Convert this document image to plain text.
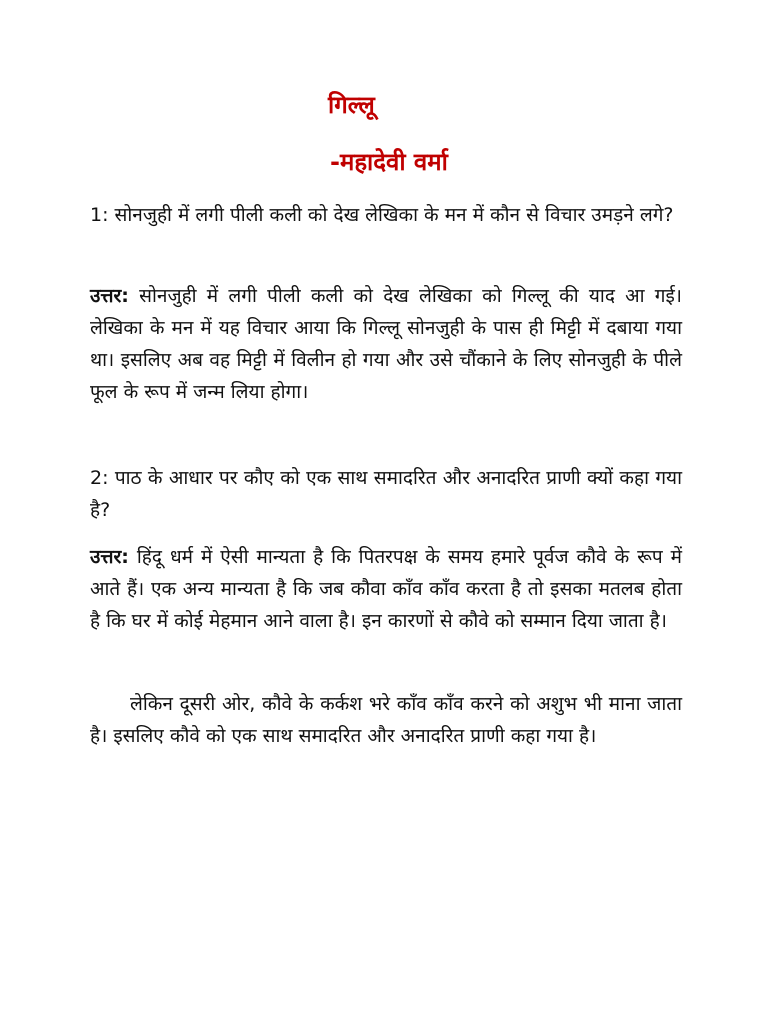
गिल्लू
-महादेवी वर्मा

1: सोनजुही में लगी पीली कली को देख लेखिका के मन में कौन से विचार उमड़ने लगे?

उत्तर: सोनजुही में लगी पीली कली को देख लेखिका को गिल्लू की याद आ गई। लेखिका के मन में यह विचार आया कि गिल्लू सोनजुही के पास ही मिट्टी में दबाया गया था। इसलिए अब वह मिट्टी में विलीन हो गया और उसे चौंकाने के लिए सोनजुही के पीले फूल के रूप में जन्म लिया होगा।

2: पाठ के आधार पर कौए को एक साथ समादरित और अनादरित प्राणी क्यों कहा गया है?

उत्तर: हिंदू धर्म में ऐसी मान्यता है कि पितरपक्ष के समय हमारे पूर्वज कौवे के रूप में आते हैं। एक अन्य मान्यता है कि जब कौवा काँव काँव करता है तो इसका मतलब होता है कि घर में कोई मेहमान आने वाला है। इन कारणों से कौवे को सम्मान दिया जाता है।

लेकिन दूसरी ओर, कौवे के कर्कश भरे काँव काँव करने को अशुभ भी माना जाता है। इसलिए कौवे को एक साथ समादरित और अनादरित प्राणी कहा गया है।
